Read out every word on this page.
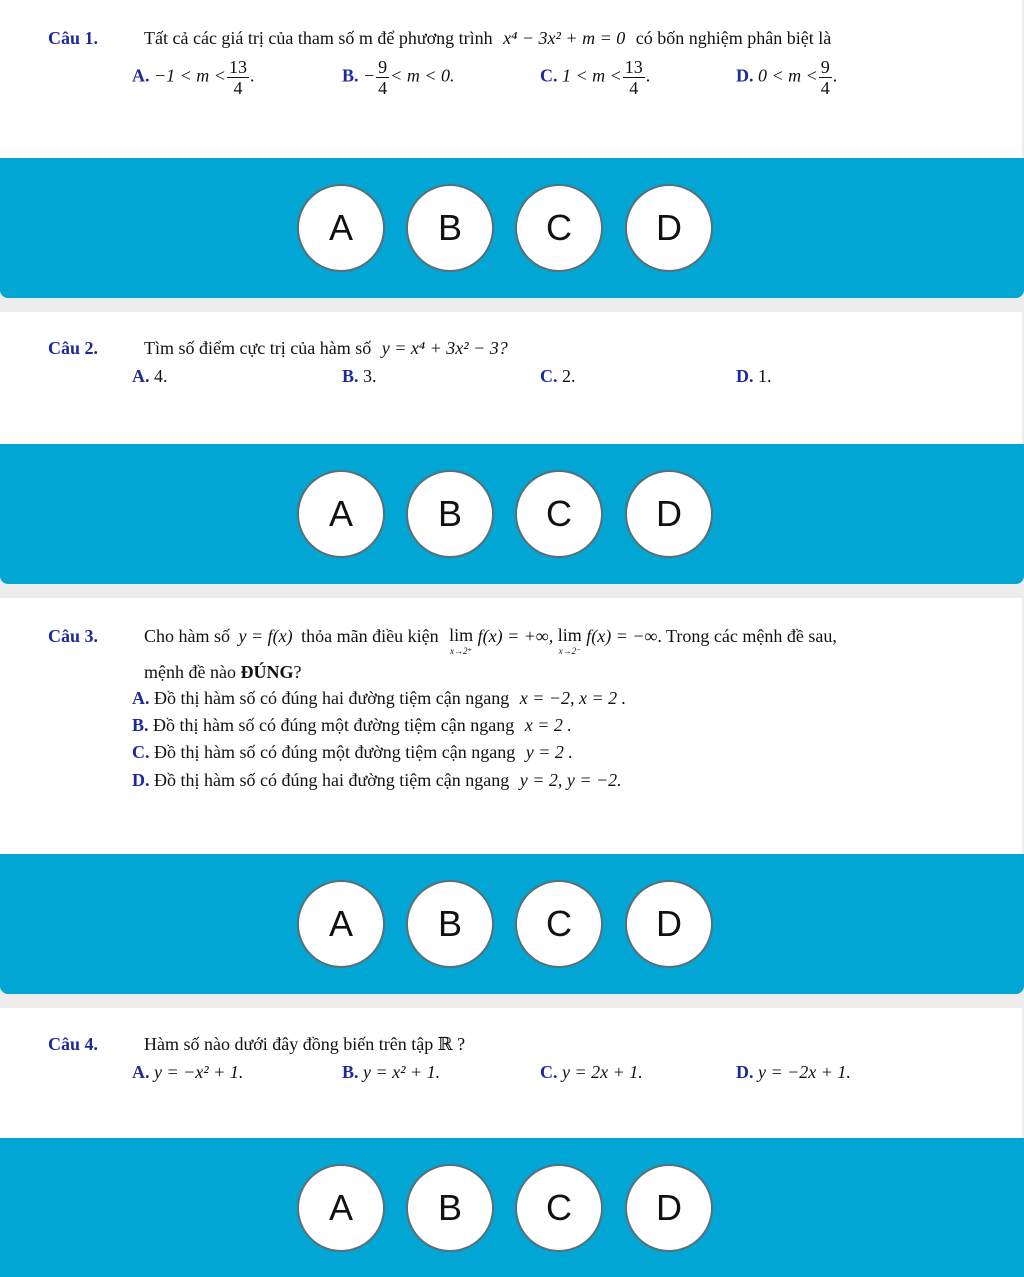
Câu 1.	Tất cả các giá trị của tham số m để phương trình x⁴ − 3x² + m = 0 có bốn nghiệm phân biệt là
A. $-1 < m < \frac{13}{4}$ .	B. − $\frac{9}{4} < m < 0$.	C. $1 < m < \frac{13}{4}$ .	D. $0 < m < \frac{9}{4}$ .
A	B	C	D
Câu 2.	Tìm số điểm cực trị của hàm số y = x⁴ + 3x² − 3?
A. 4.	B. 3.	C. 2.	D. 1.
A	B	C	D
Câu 3.	Cho hàm số y = f(x) thỏa mãn điều kiện lim
x→2⁺
f(x) = +∞, lim
x→2⁻
f(x) = −∞. Trong các mệnh đề sau,
mệnh đề nào ĐÚNG?
A. Đồ thị hàm số có đúng hai đường tiệm cận ngang x = −2, x = 2 .
B. Đồ thị hàm số có đúng một đường tiệm cận ngang x = 2 .
C. Đồ thị hàm số có đúng một đường tiệm cận ngang y = 2 .
D. Đồ thị hàm số có đúng hai đường tiệm cận ngang y = 2, y = −2.
A	B	C	D
Câu 4.	Hàm số nào dưới đây đồng biến trên tập ℝ ?
A. y = −x² + 1.	B. y = x² + 1.	C. y = 2x + 1.	D. y = −2x + 1.
A	B	C	D
